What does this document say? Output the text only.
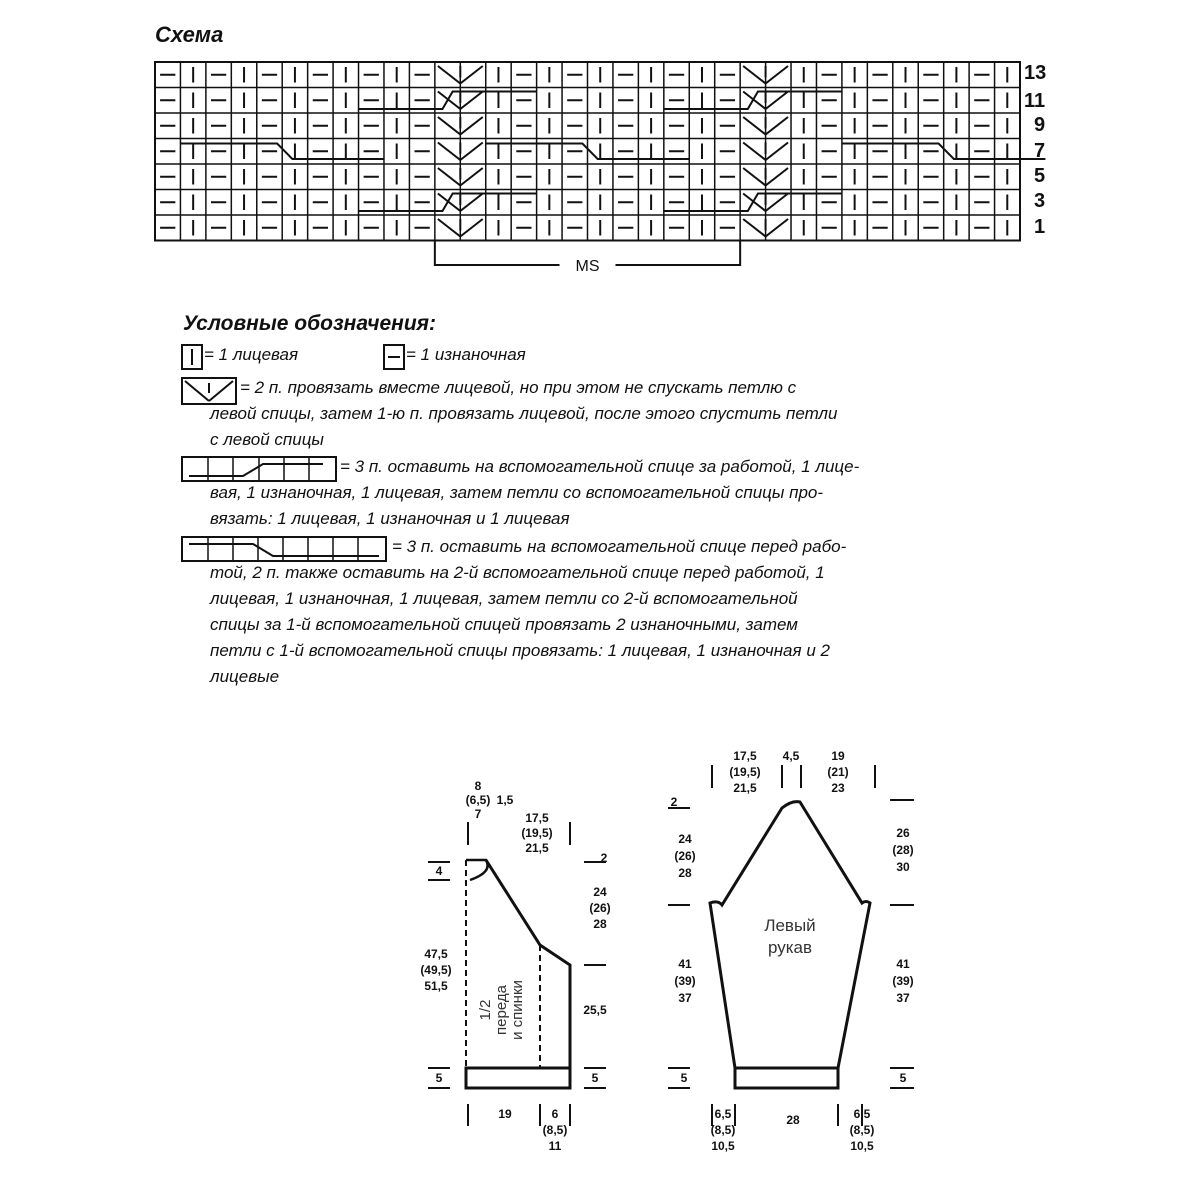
Схема
MS
13
11
9
7
5
3
1
Условные обозначения:
= 1 лицевая	= 1 изнаночная
= 2 п. провязать вместе лицевой, но при этом не спускать петлю с
левой спицы, затем 1-ю п. провязать лицевой, после этого спустить петли
с левой спицы
= 3 п. оставить на вспомогательной спице за работой, 1 лице-
вая, 1 изнаночная, 1 лицевая, затем петли со вспомогательной спицы про-
вязать: 1 лицевая, 1 изнаночная и 1 лицевая
= 3 п. оставить на вспомогательной спице перед рабо-
той, 2 п. также оставить на 2-й вспомогательной спице перед работой, 1
лицевая, 1 изнаночная, 1 лицевая, затем петли со 2-й вспомогательной
спицы за 1-й вспомогательной спицей провязать 2 изнаночными, затем
петли с 1-й вспомогательной спицы провязать: 1 лицевая, 1 изнаночная и 2
лицевые
8
(6,5)
7
1,5
17,5
(19,5)
21,5
4
47,5
(49,5)
51,5
5
2
24
(26)
28
25,5
5
19	6
(8,5)
11
1/2 переда и спинки
17,5
(19,5)
21,5
4,5	19
(21)
23
2
24
(26)
28
41
(39)
37
5
26
(28)
30
41
(39)
37
5
6,5
(8,5)
10,5
28	6,5
(8,5)
10,5
Левый
рукав
